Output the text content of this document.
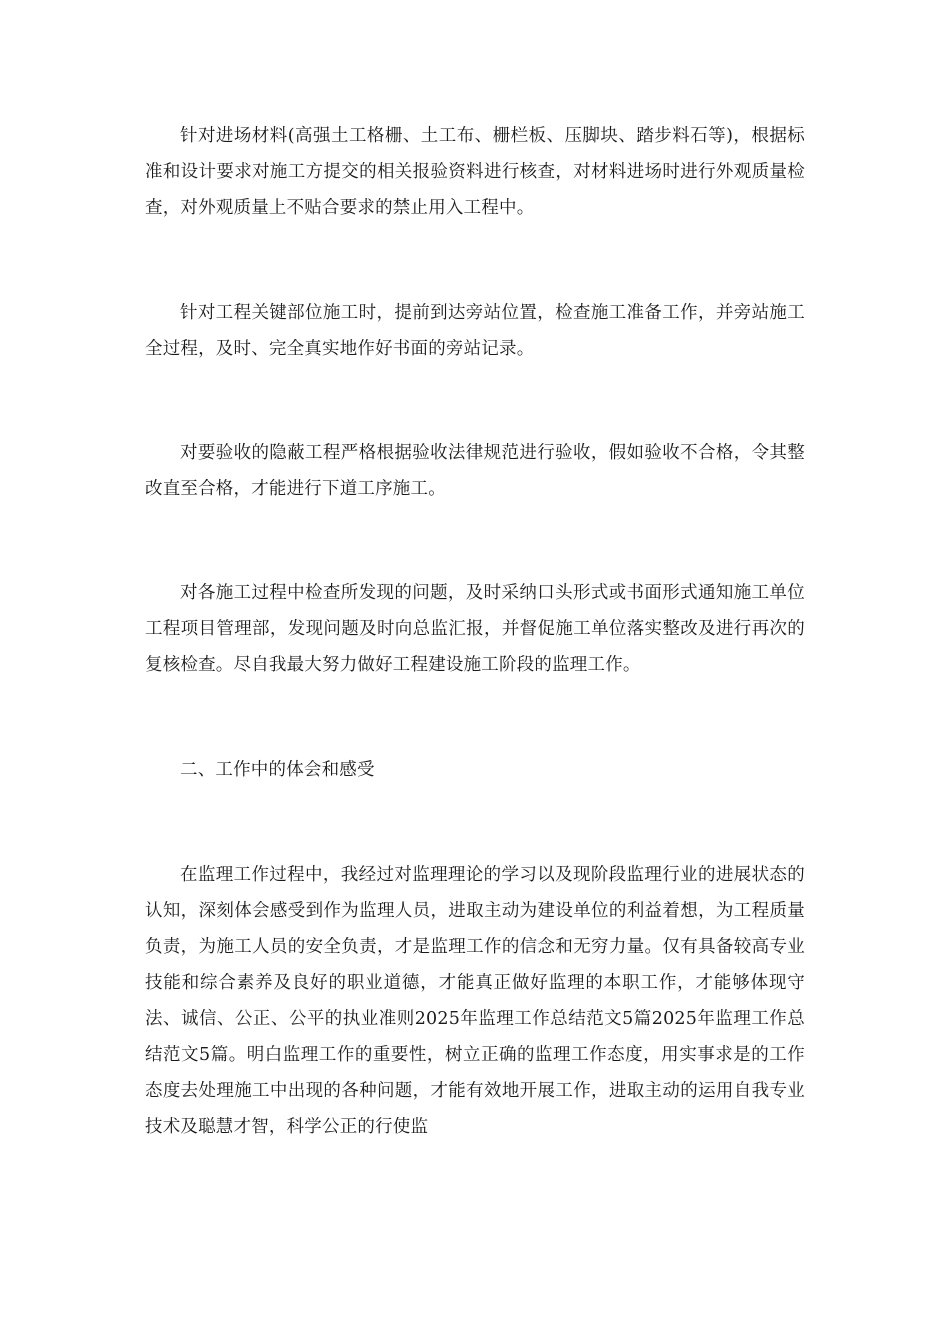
针对进场材料(高强土工格栅、土工布、栅栏板、压脚块、踏步料石等)，根据标准和设计要求对施工方提交的相关报验资料进行核查，对材料进场时进行外观质量检查，对外观质量上不贴合要求的禁止用入工程中。

针对工程关键部位施工时，提前到达旁站位置，检查施工准备工作，并旁站施工全过程，及时、完全真实地作好书面的旁站记录。

对要验收的隐蔽工程严格根据验收法律规范进行验收，假如验收不合格，令其整改直至合格，才能进行下道工序施工。

对各施工过程中检查所发现的问题，及时采纳口头形式或书面形式通知施工单位工程项目管理部，发现问题及时向总监汇报，并督促施工单位落实整改及进行再次的复核检查。尽自我最大努力做好工程建设施工阶段的监理工作。

二、工作中的体会和感受

在监理工作过程中，我经过对监理理论的学习以及现阶段监理行业的进展状态的认知，深刻体会感受到作为监理人员，进取主动为建设单位的利益着想，为工程质量负责，为施工人员的安全负责，才是监理工作的信念和无穷力量。仅有具备较高专业技能和综合素养及良好的职业道德，才能真正做好监理的本职工作，才能够体现守法、诚信、公正、公平的执业准则2025年监理工作总结范文5篇2025年监理工作总结范文5篇。明白监理工作的重要性，树立正确的监理工作态度，用实事求是的工作态度去处理施工中出现的各种问题，才能有效地开展工作，进取主动的运用自我专业技术及聪慧才智，科学公正的行使监
